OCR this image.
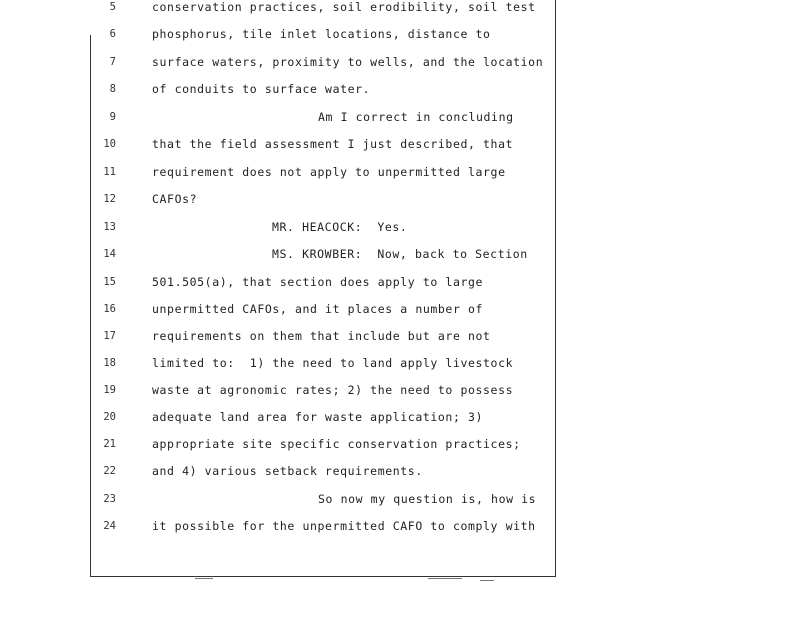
5	conservation practices, soil erodibility, soil test
6	phosphorus, tile inlet locations, distance to
7	surface waters, proximity to wells, and the location
8	of conduits to surface water.
9	Am I correct in concluding
10	that the field assessment I just described, that
11	requirement does not apply to unpermitted large
12	CAFOs?
13	MR. HEACOCK:  Yes.
14	MS. KROWBER:  Now, back to Section
15	501.505(a), that section does apply to large
16	unpermitted CAFOs, and it places a number of
17	requirements on them that include but are not
18	limited to:  1) the need to land apply livestock
19	waste at agronomic rates; 2) the need to possess
20	adequate land area for waste application; 3)
21	appropriate site specific conservation practices;
22	and 4) various setback requirements.
23	So now my question is, how is
24	it possible for the unpermitted CAFO to comply with
